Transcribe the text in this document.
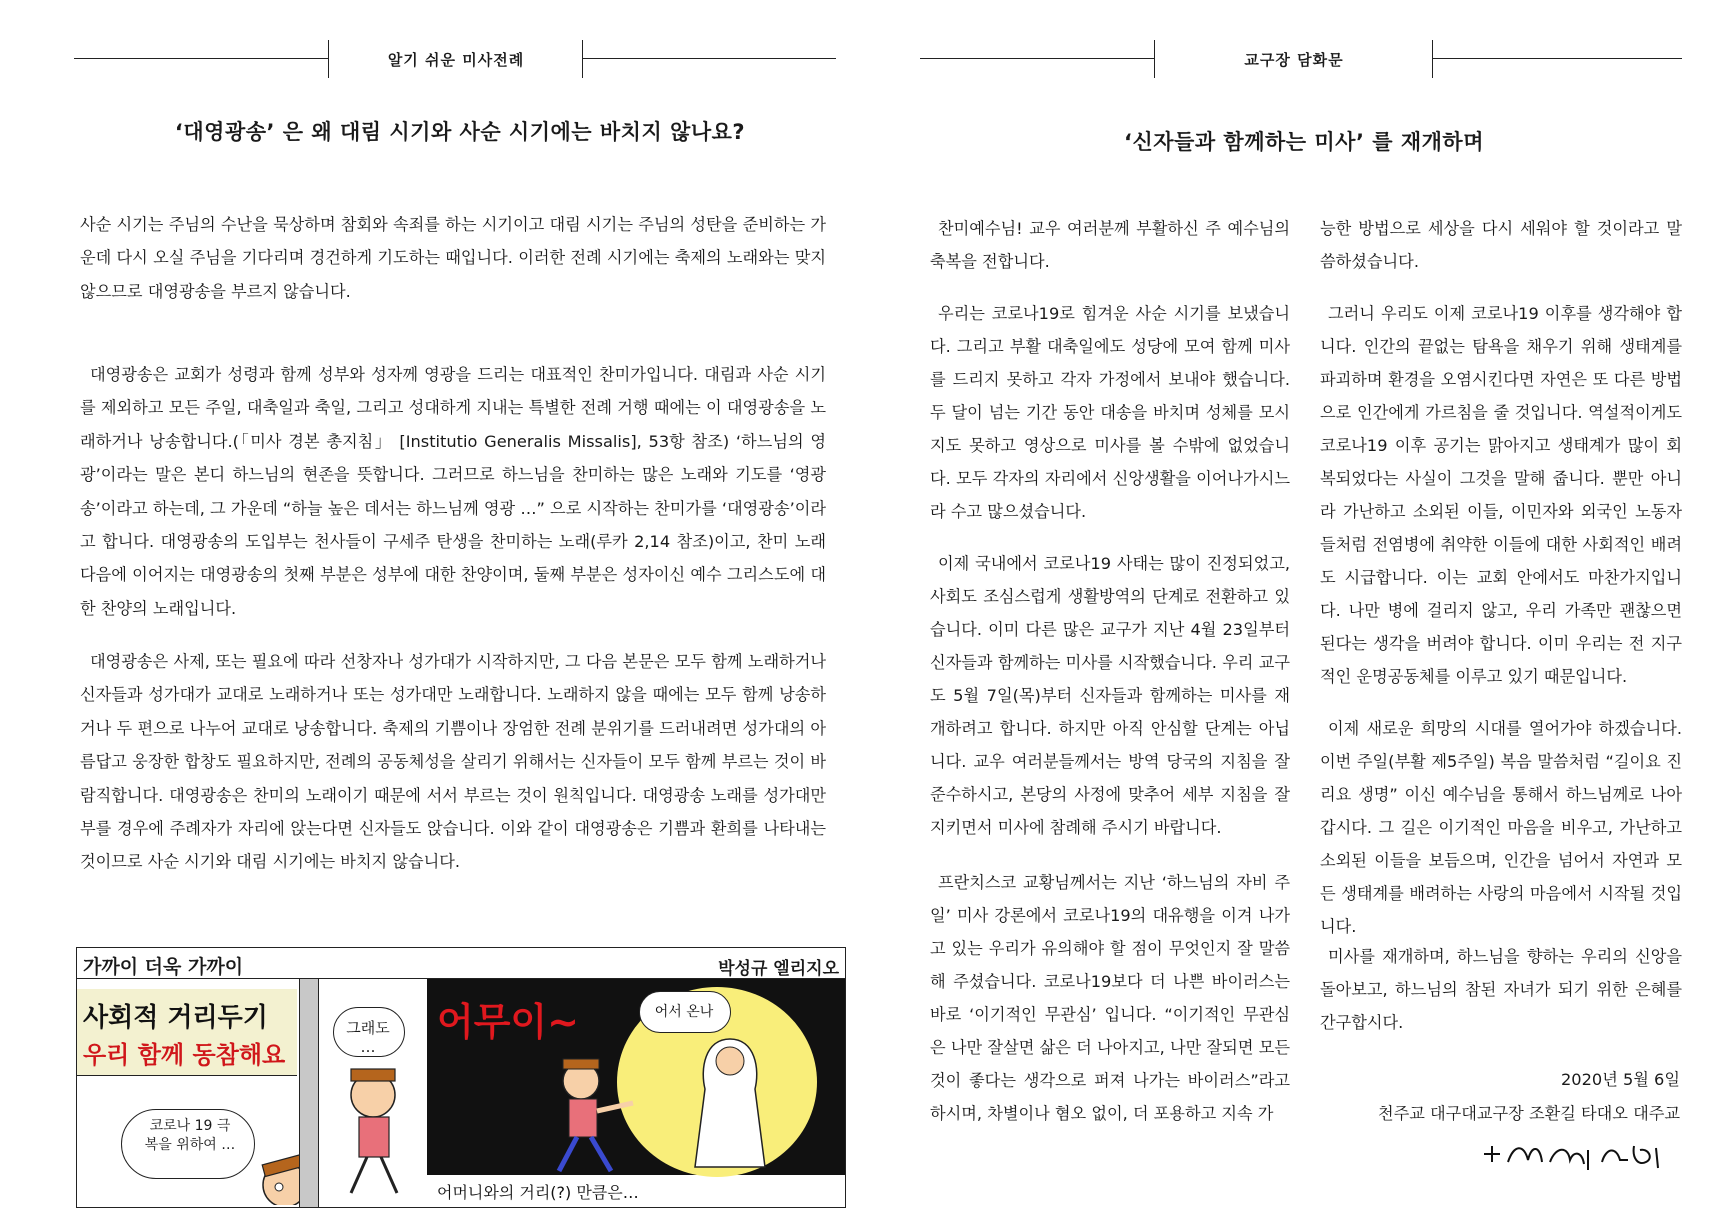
알기 쉬운 미사전례	교구장 담화문
‘대영광송’ 은 왜 대림 시기와 사순 시기에는 바치지 않나요?

사순 시기는 주님의 수난을 묵상하며 참회와 속죄를 하는 시기이고 대림 시기는 주님의 성탄을 준비하는 가운데 다시 오실 주님을 기다리며 경건하게 기도하는 때입니다. 이러한 전례 시기에는 축제의 노래와는 맞지 않으므로 대영광송을 부르지 않습니다.

대영광송은 교회가 성령과 함께 성부와 성자께 영광을 드리는 대표적인 찬미가입니다. 대림과 사순 시기를 제외하고 모든 주일, 대축일과 축일, 그리고 성대하게 지내는 특별한 전례 거행 때에는 이 대영광송을 노래하거나 낭송합니다.(「미사 경본 총지침」 [Institutio Generalis Missalis], 53항 참조) ‘하느님의 영광’이라는 말은 본디 하느님의 현존을 뜻합니다. 그러므로 하느님을 찬미하는 많은 노래와 기도를 ‘영광송’이라고 하는데, 그 가운데 “하늘 높은 데서는 하느님께 영광 …” 으로 시작하는 찬미가를 ‘대영광송’이라고 합니다. 대영광송의 도입부는 천사들이 구세주 탄생을 찬미하는 노래(루카 2,14 참조)이고, 찬미 노래 다음에 이어지는 대영광송의 첫째 부분은 성부에 대한 찬양이며, 둘째 부분은 성자이신 예수 그리스도에 대한 찬양의 노래입니다.

대영광송은 사제, 또는 필요에 따라 선창자나 성가대가 시작하지만, 그 다음 본문은 모두 함께 노래하거나 신자들과 성가대가 교대로 노래하거나 또는 성가대만 노래합니다. 노래하지 않을 때에는 모두 함께 낭송하거나 두 편으로 나누어 교대로 낭송합니다. 축제의 기쁨이나 장엄한 전례 분위기를 드러내려면 성가대의 아름답고 웅장한 합창도 필요하지만, 전례의 공동체성을 살리기 위해서는 신자들이 모두 함께 부르는 것이 바람직합니다. 대영광송은 찬미의 노래이기 때문에 서서 부르는 것이 원칙입니다. 대영광송 노래를 성가대만 부를 경우에 주례자가 자리에 앉는다면 신자들도 앉습니다. 이와 같이 대영광송은 기쁨과 환희를 나타내는 것이므로 사순 시기와 대림 시기에는 바치지 않습니다.

가까이 더욱 가까이	박성규 엘리지오
사회적 거리두기
우리 함께 동참해요
코로나 19 극복을 위하여 …
그래도 …
어무이~	어서 온나
어머니와의 거리(?) 만큼은…
‘신자들과 함께하는 미사’ 를 재개하며

찬미예수님! 교우 여러분께 부활하신 주 예수님의 축복을 전합니다.

우리는 코로나19로 힘겨운 사순 시기를 보냈습니다. 그리고 부활 대축일에도 성당에 모여 함께 미사를 드리지 못하고 각자 가정에서 보내야 했습니다. 두 달이 넘는 기간 동안 대송을 바치며 성체를 모시지도 못하고 영상으로 미사를 볼 수밖에 없었습니다. 모두 각자의 자리에서 신앙생활을 이어나가시느라 수고 많으셨습니다.

이제 국내에서 코로나19 사태는 많이 진정되었고, 사회도 조심스럽게 생활방역의 단계로 전환하고 있습니다. 이미 다른 많은 교구가 지난 4월 23일부터 신자들과 함께하는 미사를 시작했습니다. 우리 교구도 5월 7일(목)부터 신자들과 함께하는 미사를 재개하려고 합니다. 하지만 아직 안심할 단계는 아닙니다. 교우 여러분들께서는 방역 당국의 지침을 잘 준수하시고, 본당의 사정에 맞추어 세부 지침을 잘 지키면서 미사에 참례해 주시기 바랍니다.

프란치스코 교황님께서는 지난 ‘하느님의 자비 주일’ 미사 강론에서 코로나19의 대유행을 이겨 나가고 있는 우리가 유의해야 할 점이 무엇인지 잘 말씀해 주셨습니다. 코로나19보다 더 나쁜 바이러스는 바로 ‘이기적인 무관심’ 입니다. “이기적인 무관심은 나만 잘살면 삶은 더 나아지고, 나만 잘되면 모든 것이 좋다는 생각으로 퍼져 나가는 바이러스”라고 하시며, 차별이나 혐오 없이, 더 포용하고 지속 가

능한 방법으로 세상을 다시 세워야 할 것이라고 말씀하셨습니다.

그러니 우리도 이제 코로나19 이후를 생각해야 합니다. 인간의 끝없는 탐욕을 채우기 위해 생태계를 파괴하며 환경을 오염시킨다면 자연은 또 다른 방법으로 인간에게 가르침을 줄 것입니다. 역설적이게도 코로나19 이후 공기는 맑아지고 생태계가 많이 회복되었다는 사실이 그것을 말해 줍니다. 뿐만 아니라 가난하고 소외된 이들, 이민자와 외국인 노동자들처럼 전염병에 취약한 이들에 대한 사회적인 배려도 시급합니다. 이는 교회 안에서도 마찬가지입니다. 나만 병에 걸리지 않고, 우리 가족만 괜찮으면 된다는 생각을 버려야 합니다. 이미 우리는 전 지구적인 운명공동체를 이루고 있기 때문입니다.

이제 새로운 희망의 시대를 열어가야 하겠습니다. 이번 주일(부활 제5주일) 복음 말씀처럼 “길이요 진리요 생명” 이신 예수님을 통해서 하느님께로 나아갑시다. 그 길은 이기적인 마음을 비우고, 가난하고 소외된 이들을 보듬으며, 인간을 넘어서 자연과 모든 생태계를 배려하는 사랑의 마음에서 시작될 것입니다.

미사를 재개하며, 하느님을 향하는 우리의 신앙을 돌아보고, 하느님의 참된 자녀가 되기 위한 은혜를 간구합시다.

2020년 5월 6일
천주교 대구대교구장 조환길 타대오 대주교
